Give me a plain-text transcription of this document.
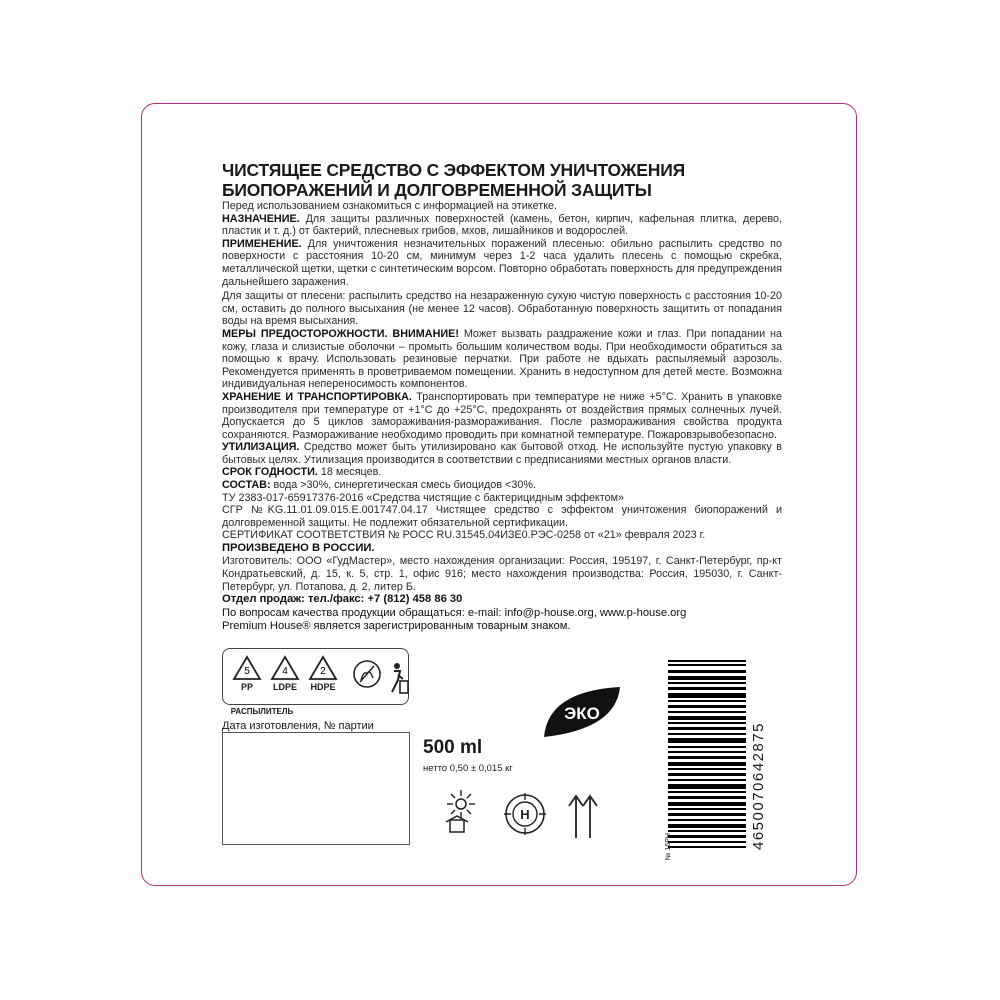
ЧИСТЯЩЕЕ СРЕДСТВО С ЭФФЕКТОМ УНИЧТОЖЕНИЯ

БИОПОРАЖЕНИЙ И ДОЛГОВРЕМЕННОЙ ЗАЩИТЫ

Перед использованием ознакомиться с информацией на этикетке.

НАЗНАЧЕНИЕ. Для защиты различных поверхностей (камень, бетон, кирпич, кафельная плитка, дерево, пластик и т. д.) от бактерий, плесневых грибов, мхов, лишайников и водорослей.

ПРИМЕНЕНИЕ. Для уничтожения незначительных поражений плесенью: обильно распылить средство по поверхности с расстояния 10-20 см, минимум через 1-2 часа удалить плесень с помощью скребка, металлической щетки, щетки с синтетическим ворсом. Повторно обработать поверхность для предупреждения дальнейшего заражения.

Для защиты от плесени: распылить средство на незараженную сухую чистую поверхность с расстояния 10-20 см, оставить до полного высыхания (не менее 12 часов). Обработанную поверхность защитить от попадания воды на время высыхания.

МЕРЫ ПРЕДОСТОРОЖНОСТИ. ВНИМАНИЕ! Может вызвать раздражение кожи и глаз. При попадании на кожу, глаза и слизистые оболочки – промыть большим количеством воды. При необходимости обратиться за помощью к врачу. Использовать резиновые перчатки. При работе не вдыхать распыляемый аэрозоль. Рекомендуется применять в проветриваемом помещении. Хранить в недоступном для детей месте. Возможна индивидуальная непереносимость компонентов.

ХРАНЕНИЕ И ТРАНСПОРТИРОВКА. Транспортировать при температуре не ниже +5°С. Хранить в упаковке производителя при температуре от +1°С до +25°С, предохранять от воздействия прямых солнечных лучей. Допускается до 5 циклов замораживания-размораживания. После размораживания свойства продукта сохраняются. Размораживание необходимо проводить при комнатной температуре. Пожаровзрывобезопасно.

УТИЛИЗАЦИЯ. Средство может быть утилизировано как бытовой отход. Не используйте пустую упаковку в бытовых целях. Утилизация производится в соответствии с предписаниями местных органов власти.

СРОК ГОДНОСТИ. 18 месяцев.

СОСТАВ: вода >30%, синергетическая смесь биоцидов <30%.

ТУ 2383-017-65917376-2016 «Средства чистящие с бактерицидным эффектом»

СГР №KG.11.01.09.015.E.001747.04.17 Чистящее средство с эффектом уничтожения биопоражений и долговременной защиты. Не подлежит обязательной сертификации.

СЕРТИФИКАТ СООТВЕТСТВИЯ № РОСС RU.31545.04ИЗЕ0.РЭС-0258 от «21» февраля 2023 г.

ПРОИЗВЕДЕНО В РОССИИ.

Изготовитель: ООО «ГудМастер», место нахождения организации: Россия, 195197, г. Санкт-Петербург, пр-кт Кондратьевский, д. 15, к. 5, стр. 1, офис 916; место нахождения производства: Россия, 195030, г. Санкт-Петербург, ул. Потапова, д. 2, литер Б.

Отдел продаж: тел./факс: +7 (812) 458 86 30

По вопросам качества продукции обращаться: e-mail: info@p-house.org, www.p-house.org

Premium House® является зарегистрированным товарным знаком.

5
PP
4
LDPE
2
HDPE
РАСПЫЛИТЕЛЬ
Дата изготовления, № партии
500 ml
нетто 0,50 ± 0,015 кг
ЭКО
H	4650070642875
№ 16РН
